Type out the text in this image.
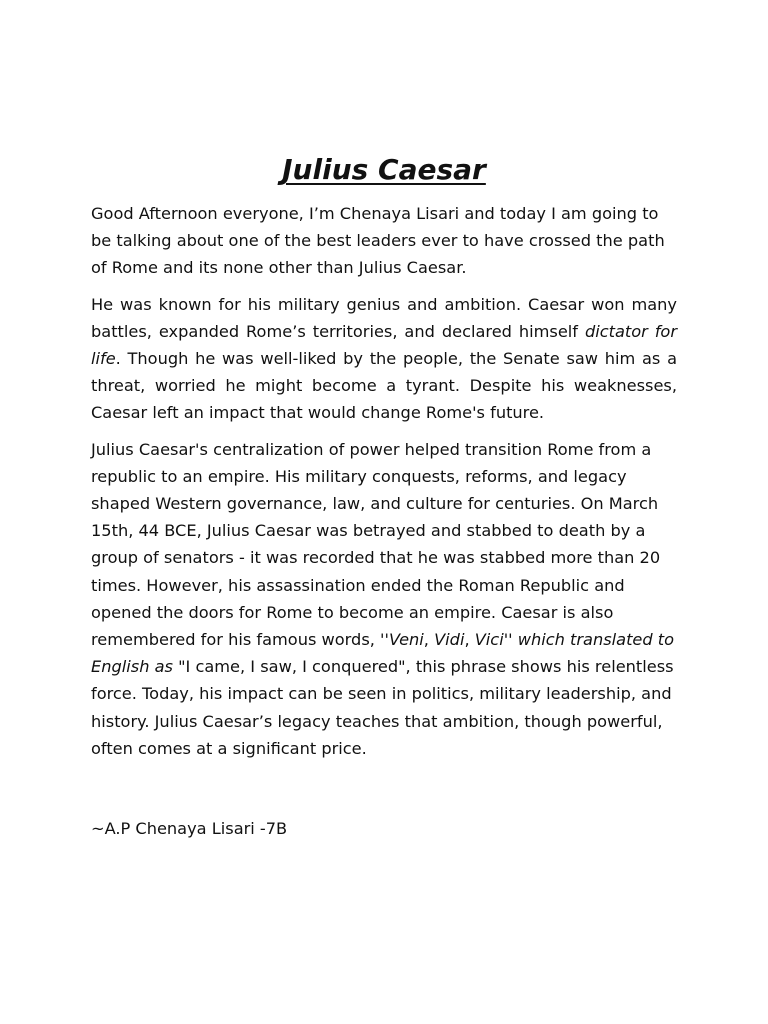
Julius Caesar

Good Afternoon everyone, I’m Chenaya Lisari and today I am going to be talking about one of the best leaders ever to have crossed the path of Rome and its none other than Julius Caesar.

He was known for his military genius and ambition. Caesar won many battles, expanded Rome’s territories, and declared himself dictator for life. Though he was well-liked by the people, the Senate saw him as a threat, worried he might become a tyrant. Despite his weaknesses, Caesar left an impact that would change Rome's future.

Julius Caesar's centralization of power helped transition Rome from a republic to an empire. His military conquests, reforms, and legacy shaped Western governance, law, and culture for centuries. On March 15th, 44 BCE, Julius Caesar was betrayed and stabbed to death by a group of senators - it was recorded that he was stabbed more than 20 times. However, his assassination ended the Roman Republic and opened the doors for Rome to become an empire. Caesar is also remembered for his famous words, ''Veni, Vidi, Vici'' which translated to English as "I came, I saw, I conquered", this phrase shows his relentless force. Today, his impact can be seen in politics, military leadership, and history. Julius Caesar’s legacy teaches that ambition, though powerful, often comes at a significant price.

~A.P Chenaya Lisari -7B
